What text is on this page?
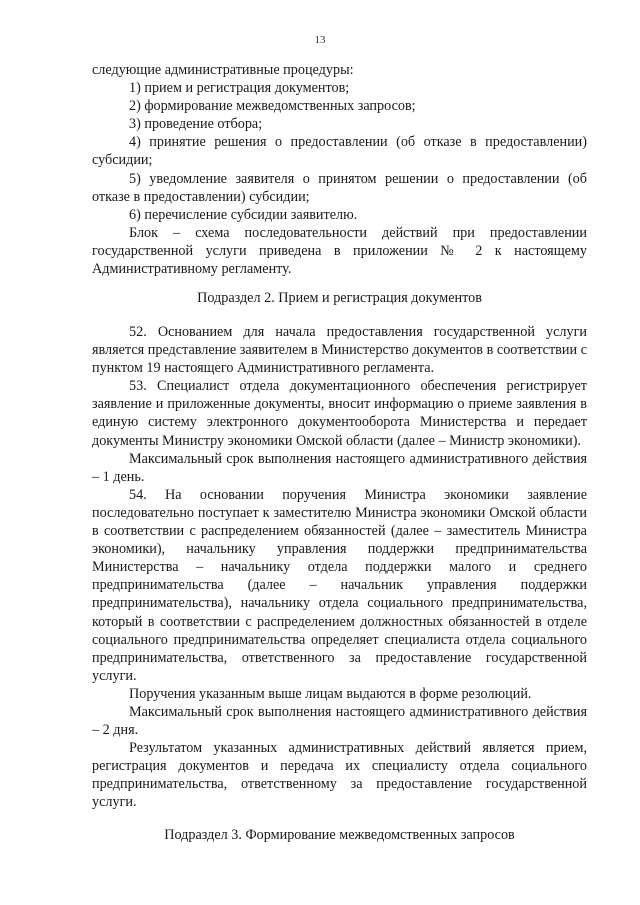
13

следующие административные процедуры:

1) прием и регистрация документов;

2) формирование межведомственных запросов;

3) проведение отбора;

4) принятие решения о предоставлении (об отказе в предоставлении) субсидии;

5) уведомление заявителя о принятом решении о предоставлении (об отказе в предоставлении) субсидии;

6) перечисление субсидии заявителю.

Блок – схема последовательности действий при предоставлении государственной услуги приведена в приложении № 2 к настоящему Административному регламенту.

Подраздел 2. Прием и регистрация документов

52. Основанием для начала предоставления государственной услуги является представление заявителем в Министерство документов в соответствии с пунктом 19 настоящего Административного регламента.

53. Специалист отдела документационного обеспечения регистрирует заявление и приложенные документы, вносит информацию о приеме заявления в единую систему электронного документооборота Министерства и передает документы Министру экономики Омской области (далее – Министр экономики).

Максимальный срок выполнения настоящего административного действия – 1 день.

54. На основании поручения Министра экономики заявление последовательно поступает к заместителю Министра экономики Омской области в соответствии с распределением обязанностей (далее – заместитель Министра экономики), начальнику управления поддержки предпринимательства Министерства – начальнику отдела поддержки малого и среднего предпринимательства (далее – начальник управления поддержки предпринимательства), начальнику отдела социального предпринимательства, который в соответствии с распределением должностных обязанностей в отделе социального предпринимательства определяет специалиста отдела социального предпринимательства, ответственного за предоставление государственной услуги.

Поручения указанным выше лицам выдаются в форме резолюций.

Максимальный срок выполнения настоящего административного действия – 2 дня.

Результатом указанных административных действий является прием, регистрация документов и передача их специалисту отдела социального предпринимательства, ответственному за предоставление государственной услуги.

Подраздел 3. Формирование межведомственных запросов
